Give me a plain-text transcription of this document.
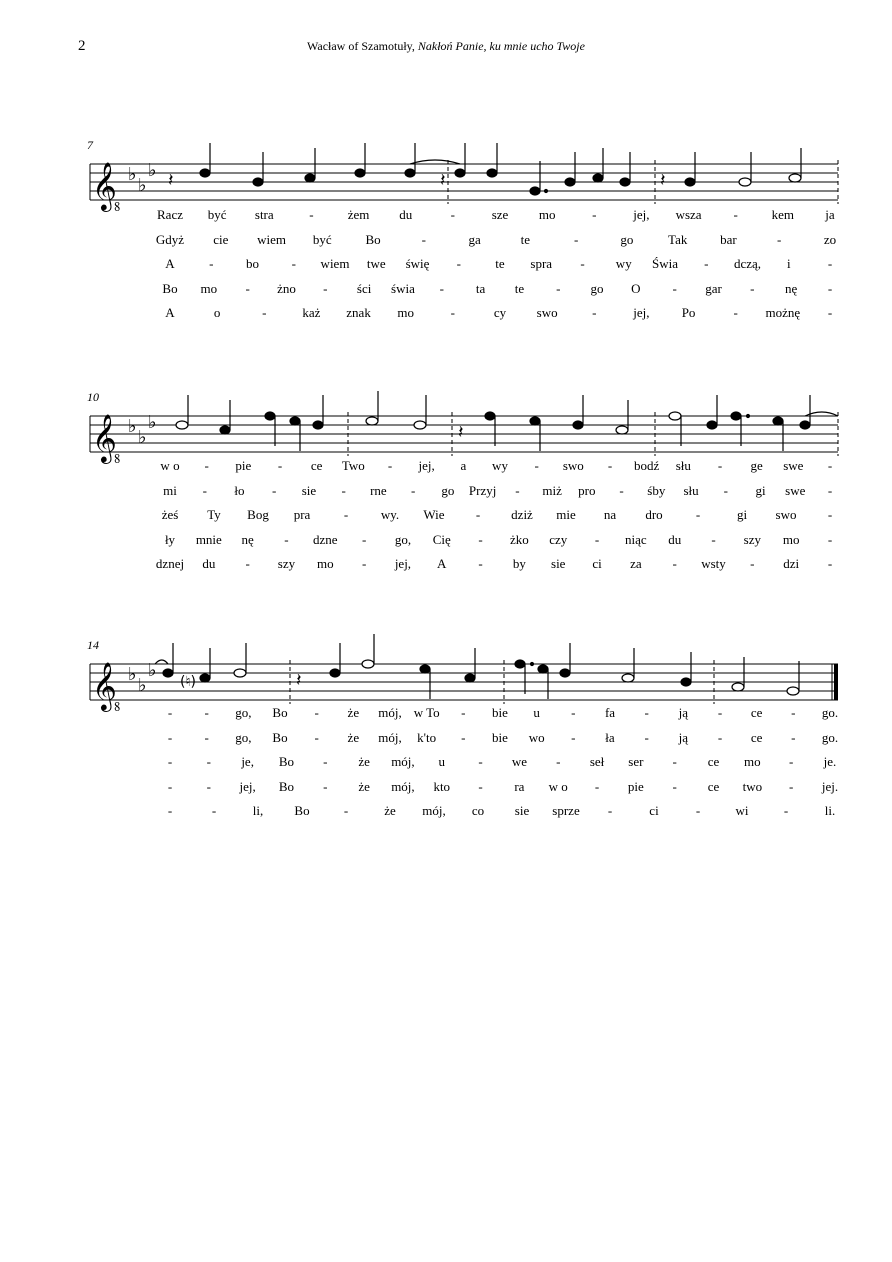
2	Wacław of Szamotuły, Nakłoń Panie, ku mnie ucho Twoje
𝄠 ♭
♭
♭ 𝄽	𝄽	𝄽
7
𝄠 ♭
♭
♭	𝄽
10
𝄠 ♭
♭
♭
(♮)	𝄽
14
Racz być stra	-	żem du	-	sze mo	-	jej, wsza -	kem ja
Gdyż cie wiem być	Bo	-	ga	te	-	go	Tak	bar	-	zo
A	-	bo	- wiem twe świę -	te spra - wy Świa - dczą, i	-
Bo mo - żno - ści świa - ta te - go O - gar - nę -
A	o	-	każ znak mo	-	cy swo	-	jej, Po	- możnę -
w o - pie - ce Two - jej, a wy - swo - bodź słu - ge swe -
mi - ło - sie - rne - go Przyj - miż pro - śby słu - gi swe -
żeś Ty Bog pra	-	wy. Wie - dziż mie na dro	-	gi swo -
ły mnie nę - dzne - go, Cię - żko czy - niąc du - szy mo -
dznej du - szy mo - jej, A - by sie ci za - wsty - dzi -
- - go, Bo - że mój, w To - bie u - fa - ją - ce - go.
- - go, Bo - że mój, k'to - bie wo - ła - ją - ce - go.
-	- je, Bo - że mój, u	- we - seł ser - ce mo - je.
-	- jej, Bo - że mój, kto - ra w o - pie - ce two - jej.
-	-	li, Bo	-	że mój, co sie sprze -	ci	-	wi	-	li.
